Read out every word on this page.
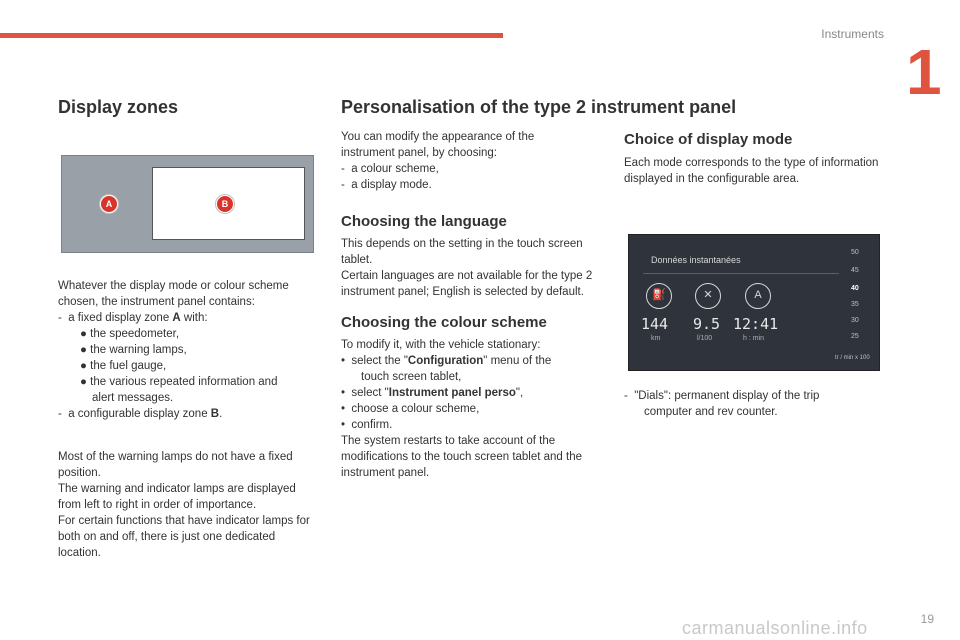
Instruments
1
Display zones
A	B

Whatever the display mode or colour scheme chosen, the instrument panel contains:

-  a fixed display zone A with:

● the speedometer,

● the warning lamps,

● the fuel gauge,

● the various repeated information and

alert messages.

-  a configurable display zone B.

Most of the warning lamps do not have a fixed position.

The warning and indicator lamps are displayed from left to right in order of importance.

For certain functions that have indicator lamps for both on and off, there is just one dedicated location.

Personalisation of the type 2 instrument panel

You can modify the appearance of the instrument panel, by choosing:

-  a colour scheme,

-  a display mode.

Choosing the language

This depends on the setting in the touch screen tablet.

Certain languages are not available for the type 2 instrument panel; English is selected by default.

Choosing the colour scheme

To modify it, with the vehicle stationary:

•  select the "Configuration" menu of the

touch screen tablet,

•  select "Instrument panel perso",

•  choose a colour scheme,

•  confirm.

The system restarts to take account of the modifications to the touch screen tablet and the instrument panel.

Choice of display mode

Each mode corresponds to the type of information displayed in the configurable area.

Données instantanées
⛽	✕	A
144
km
9.5
l/100
12:41
h : min
50
45
40
35
30
25
tr / min x 100

-  "Dials": permanent display of the trip

computer and rev counter.

19
carmanualsonline.info
